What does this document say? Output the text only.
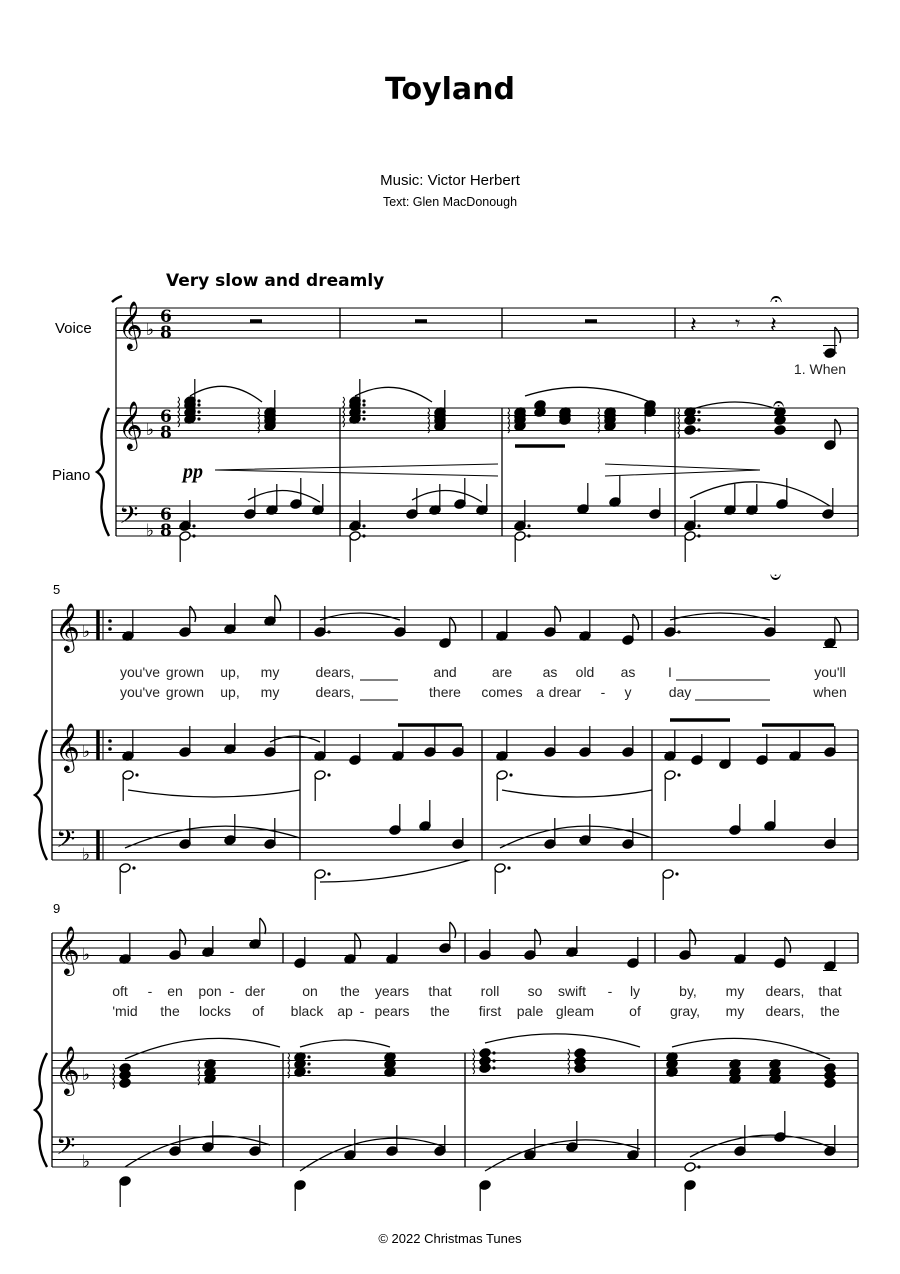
Toyland
Music: Victor Herbert
Text: Glen MacDonough
Very slow and dreamly
Voice
Piano
5
9
© 2022 Christmas Tunes
𝄞
𝄞
𝄢
♭
♭
♭
6
8
6
8
6
8
𝄽 𝄾 𝄽
𝄐
1. When
𝄐
pp
𝄑
𝄞
𝄞
𝄢
♭
♭
♭
you've grown up, my	dears,	and	are as old as I	you'll
you've grown up, my	dears,	there comes a drear - y	day	when
𝄞
𝄞
𝄢
♭
♭
♭
oft - en pon - der	on the years that roll so swift - ly	by, my dears, that
'mid the locks of black ap - pears the first pale gleam	of gray, my dears, the
